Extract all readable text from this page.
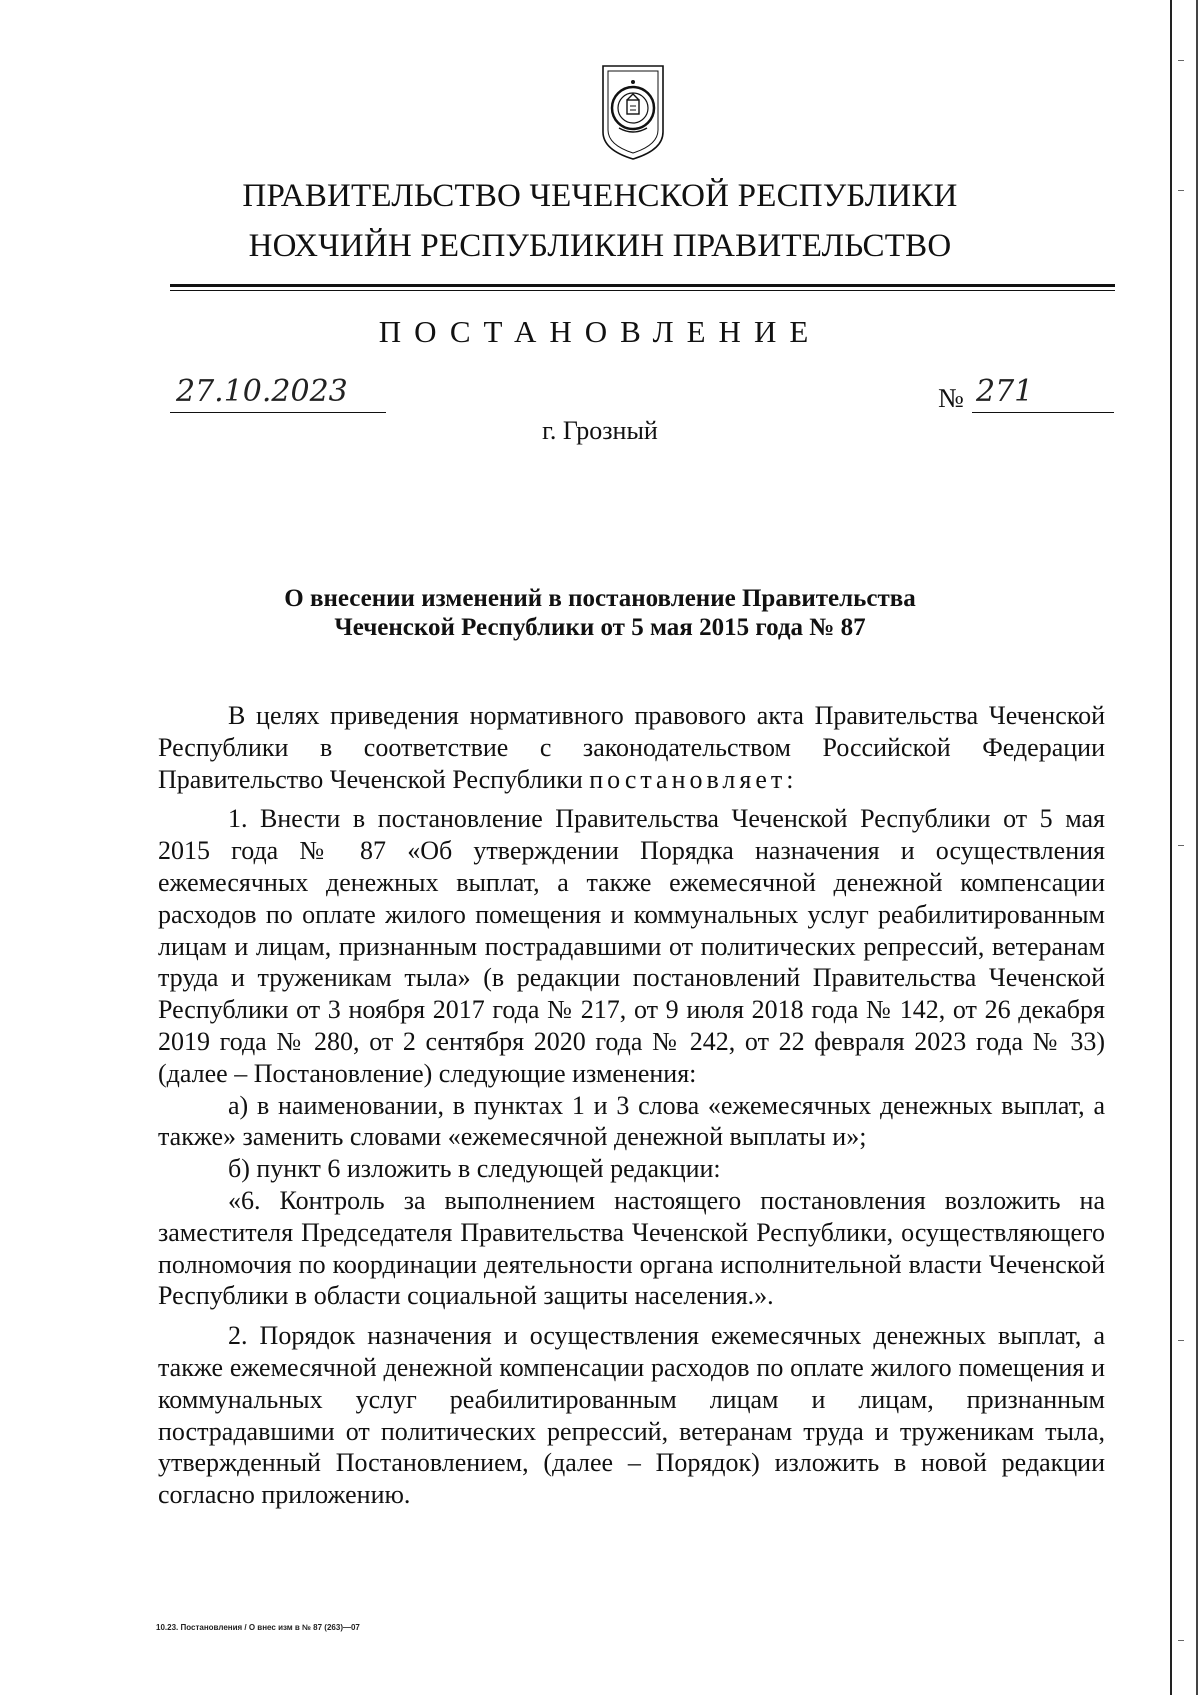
ПРАВИТЕЛЬСТВО ЧЕЧЕНСКОЙ РЕСПУБЛИКИ
НОХЧИЙН РЕСПУБЛИКИН ПРАВИТЕЛЬСТВО
ПОСТАНОВЛЕНИЕ
27.10.2023	№ 271
г. Грозный
О внесении изменений в постановление Правительства
Чеченской Республики от 5 мая 2015 года № 87

В целях приведения нормативного правового акта Правительства Чеченской Республики в соответствие с законодательством Российской Федерации Правительство Чеченской Республики постановляет:

1. Внести в постановление Правительства Чеченской Республики от 5 мая 2015 года № 87 «Об утверждении Порядка назначения и осуществления ежемесячных денежных выплат, а также ежемесячной денежной компенсации расходов по оплате жилого помещения и коммунальных услуг реабилитированным лицам и лицам, признанным пострадавшими от политических репрессий, ветеранам труда и труженикам тыла» (в редакции постановлений Правительства Чеченской Республики от 3 ноября 2017 года № 217, от 9 июля 2018 года № 142, от 26 декабря 2019 года № 280, от 2 сентября 2020 года № 242, от 22 февраля 2023 года № 33) (далее – Постановление) следующие изменения:

а) в наименовании, в пунктах 1 и 3 слова «ежемесячных денежных выплат, а также» заменить словами «ежемесячной денежной выплаты и»;

б) пункт 6 изложить в следующей редакции:

«6. Контроль за выполнением настоящего постановления возложить на заместителя Председателя Правительства Чеченской Республики, осуществляющего полномочия по координации деятельности органа исполнительной власти Чеченской Республики в области социальной защиты населения.».

2. Порядок назначения и осуществления ежемесячных денежных выплат, а также ежемесячной денежной компенсации расходов по оплате жилого помещения и коммунальных услуг реабилитированным лицам и лицам, признанным пострадавшими от политических репрессий, ветеранам труда и труженикам тыла, утвержденный Постановлением, (далее – Порядок) изложить в новой редакции согласно приложению.

10.23. Постановления / О внес изм в № 87 (263)—07
